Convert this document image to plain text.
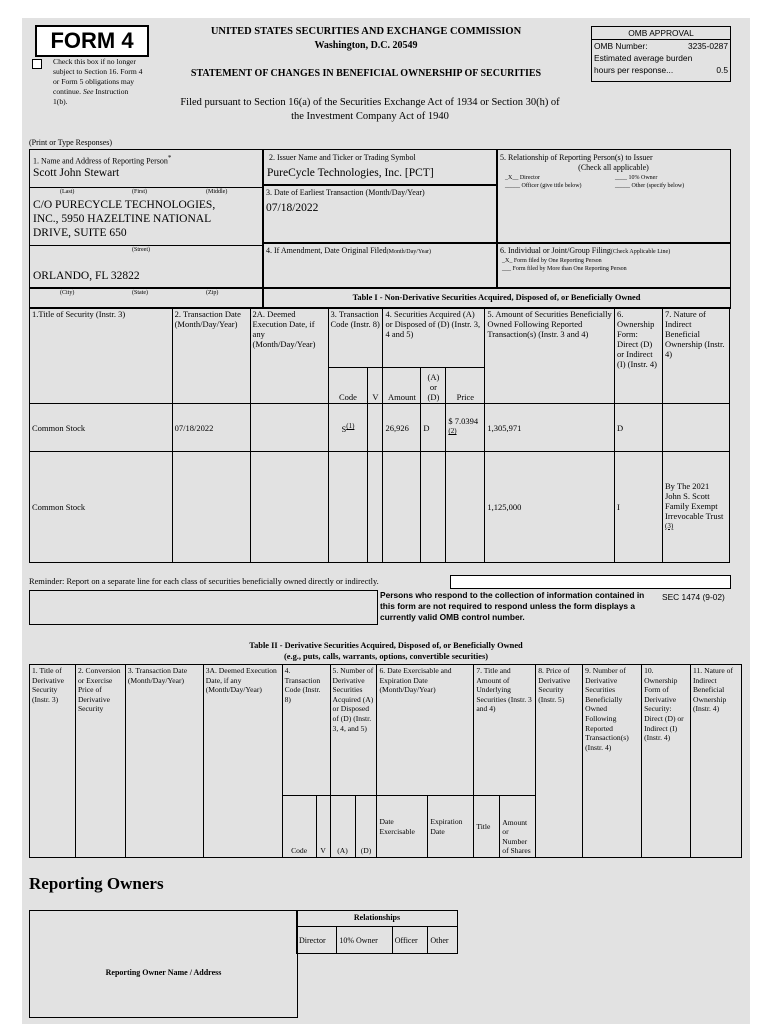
FORM 4
Check this box if no longer subject to Section 16. Form 4 or Form 5 obligations may continue. See Instruction 1(b).
UNITED STATES SECURITIES AND EXCHANGE COMMISSION
Washington, D.C. 20549
STATEMENT OF CHANGES IN BENEFICIAL OWNERSHIP OF SECURITIES
Filed pursuant to Section 16(a) of the Securities Exchange Act of 1934 or Section 30(h) of
the Investment Company Act of 1940
OMB APPROVAL
OMB Number:	3235-0287
Estimated average burden
hours per response...	0.5
(Print or Type Responses)
1. Name and Address of Reporting Person*
Scott John Stewart
(Last)	(First)	(Middle)
C/O PURECYCLE TECHNOLOGIES, INC., 5950 HAZELTINE NATIONAL DRIVE, SUITE 650
(Street)
ORLANDO, FL 32822
(City)	(State)	(Zip)
2. Issuer Name and Ticker or Trading Symbol
PureCycle Technologies, Inc. [PCT]
3. Date of Earliest Transaction (Month/Day/Year)
07/18/2022
4. If Amendment, Date Original Filed(Month/Day/Year)
5. Relationship of Reporting Person(s) to Issuer
(Check all applicable)
_X__ Director	____ 10% Owner
_____ Officer (give title below)	_____ Other (specify below)
6. Individual or Joint/Group Filing(Check Applicable Line)
_X_ Form filed by One Reporting Person
___ Form filed by More than One Reporting Person
Table I - Non-Derivative Securities Acquired, Disposed of, or Beneficially Owned
1.Title of Security (Instr. 3)	2. Transaction Date (Month/Day/Year)	2A. Deemed Execution Date, if any (Month/Day/Year)	3. Transaction Code (Instr. 8)		4. Securities Acquired (A) or Disposed of (D) (Instr. 3, 4 and 5)			5. Amount of Securities Beneficially Owned Following Reported Transaction(s) (Instr. 3 and 4)	6. Ownership Form: Direct (D) or Indirect (I) (Instr. 4)	7. Nature of Indirect Beneficial Ownership (Instr. 4)
			Code	V	Amount	(A) or (D)	Price			
Common Stock	07/18/2022		$S^{(1)}$		26,926	D	$ 7.0394 $^{(2)}$	1,305,971	D	
Common Stock								1,125,000	I	By The 2021 John S. Scott Family Exempt Irrevocable Trust $^{(3)}$
Reminder: Report on a separate line for each class of securities beneficially owned directly or indirectly.
Persons who respond to the collection of information contained in this form are not required to respond unless the form displays a currently valid OMB control number.
SEC 1474 (9-02)
Table II - Derivative Securities Acquired, Disposed of, or Beneficially Owned
(e.g., puts, calls, warrants, options, convertible securities)
1. Title of Derivative Security (Instr. 3)	2. Conversion or Exercise Price of Derivative Security	3. Transaction Date (Month/Day/Year)	3A. Deemed Execution Date, if any (Month/Day/Year)	4. Transaction Code (Instr. 8)		5. Number of Derivative Securities Acquired (A) or Disposed of (D) (Instr. 3, 4, and 5)		6. Date Exercisable and Expiration Date (Month/Day/Year)		7. Title and Amount of Underlying Securities (Instr. 3 and 4)		8. Price of Derivative Security (Instr. 5)	9. Number of Derivative Securities Beneficially Owned Following Reported Transaction(s) (Instr. 4)	10. Ownership Form of Derivative Security: Direct (D) or Indirect (I) (Instr. 4)	11. Nature of Indirect Beneficial Ownership (Instr. 4)
				Code	V	(A)	(D)	Date Exercisable	Expiration Date	Title	Amount or Number of Shares				
Reporting Owners
Reporting Owner Name / Address
Relationships
Director	10% Owner	Officer	Other
